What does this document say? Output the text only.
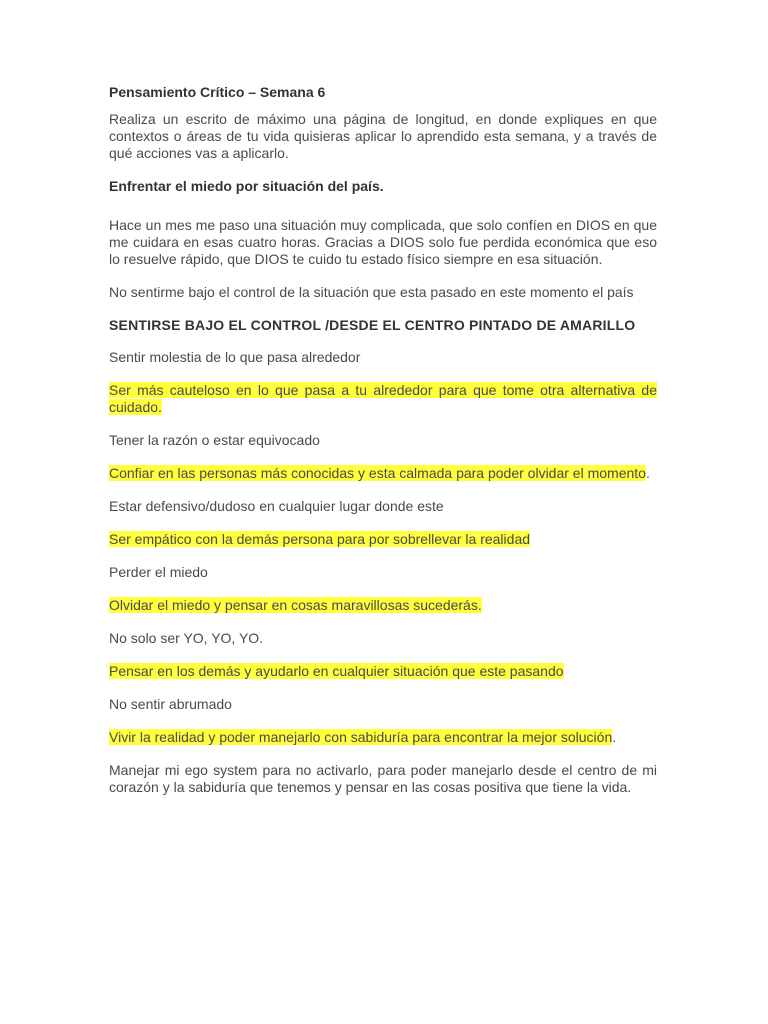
Pensamiento Crítico – Semana 6

Realiza un escrito de máximo una página de longitud, en donde expliques en que contextos o áreas de tu vida quisieras aplicar lo aprendido esta semana, y a través de qué acciones vas a aplicarlo.

Enfrentar el miedo por situación del país.

Hace un mes me paso una situación muy complicada, que solo confíen en DIOS en que me cuidara en esas cuatro horas. Gracias a DIOS solo fue perdida económica que eso lo resuelve rápido, que DIOS te cuido tu estado físico siempre en esa situación.

No sentirme bajo el control de la situación que esta pasado en este momento el país

SENTIRSE BAJO EL CONTROL /DESDE EL CENTRO PINTADO DE AMARILLO

Sentir molestia de lo que pasa alrededor

Ser más cauteloso en lo que pasa a tu alrededor para que tome otra alternativa de cuidado.

Tener la razón o estar equivocado

Confiar en las personas más conocidas y esta calmada para poder olvidar el momento.

Estar defensivo/dudoso en cualquier lugar donde este

Ser empático con la demás persona para por sobrellevar la realidad

Perder el miedo

Olvidar el miedo y pensar en cosas maravillosas sucederás.

No solo ser YO, YO, YO.

Pensar en los demás y ayudarlo en cualquier situación que este pasando

No sentir abrumado

Vivir la realidad y poder manejarlo con sabiduría para encontrar la mejor solución.

Manejar mi ego system para no activarlo, para poder manejarlo desde el centro de mi corazón y la sabiduría que tenemos y pensar en las cosas positiva que tiene la vida.
